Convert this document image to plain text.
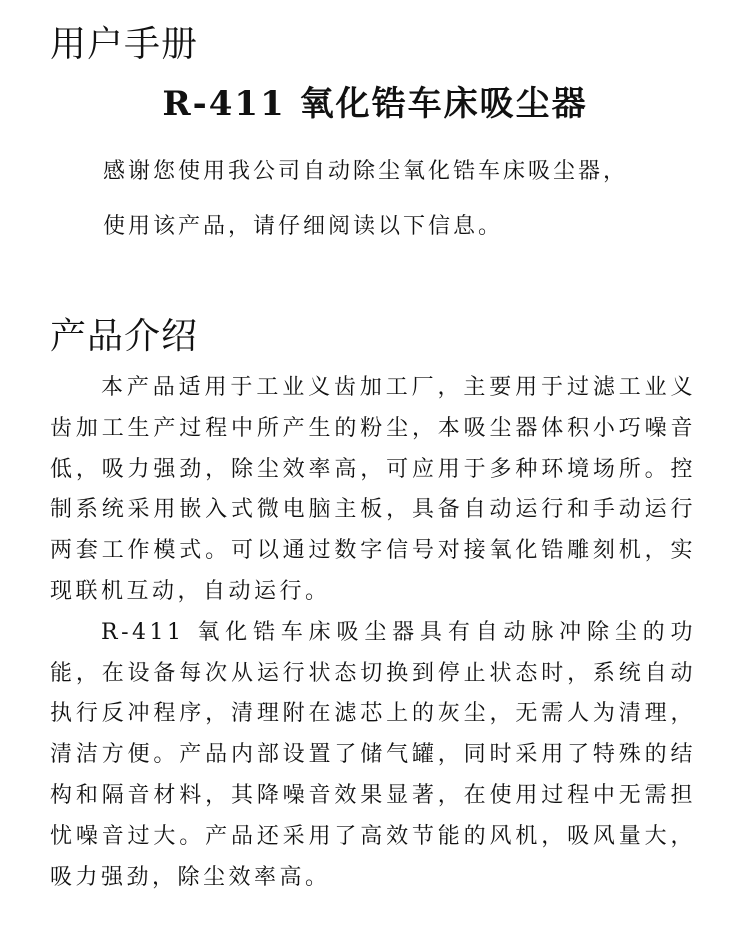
用户手册
R-411 氧化锆车床吸尘器

感谢您使用我公司自动除尘氧化锆车床吸尘器，

使用该产品，请仔细阅读以下信息。

产品介绍

本产品适用于工业义齿加工厂，主要用于过滤工业义齿加工生产过程中所产生的粉尘，本吸尘器体积小巧噪音低，吸力强劲，除尘效率高，可应用于多种环境场所。控制系统采用嵌入式微电脑主板，具备自动运行和手动运行两套工作模式。可以通过数字信号对接氧化锆雕刻机，实现联机互动，自动运行。

R-411 氧化锆车床吸尘器具有自动脉冲除尘的功能，在设备每次从运行状态切换到停止状态时，系统自动执行反冲程序，清理附在滤芯上的灰尘，无需人为清理，清洁方便。产品内部设置了储气罐，同时采用了特殊的结构和隔音材料，其降噪音效果显著，在使用过程中无需担忧噪音过大。产品还采用了高效节能的风机，吸风量大，吸力强劲，除尘效率高。
